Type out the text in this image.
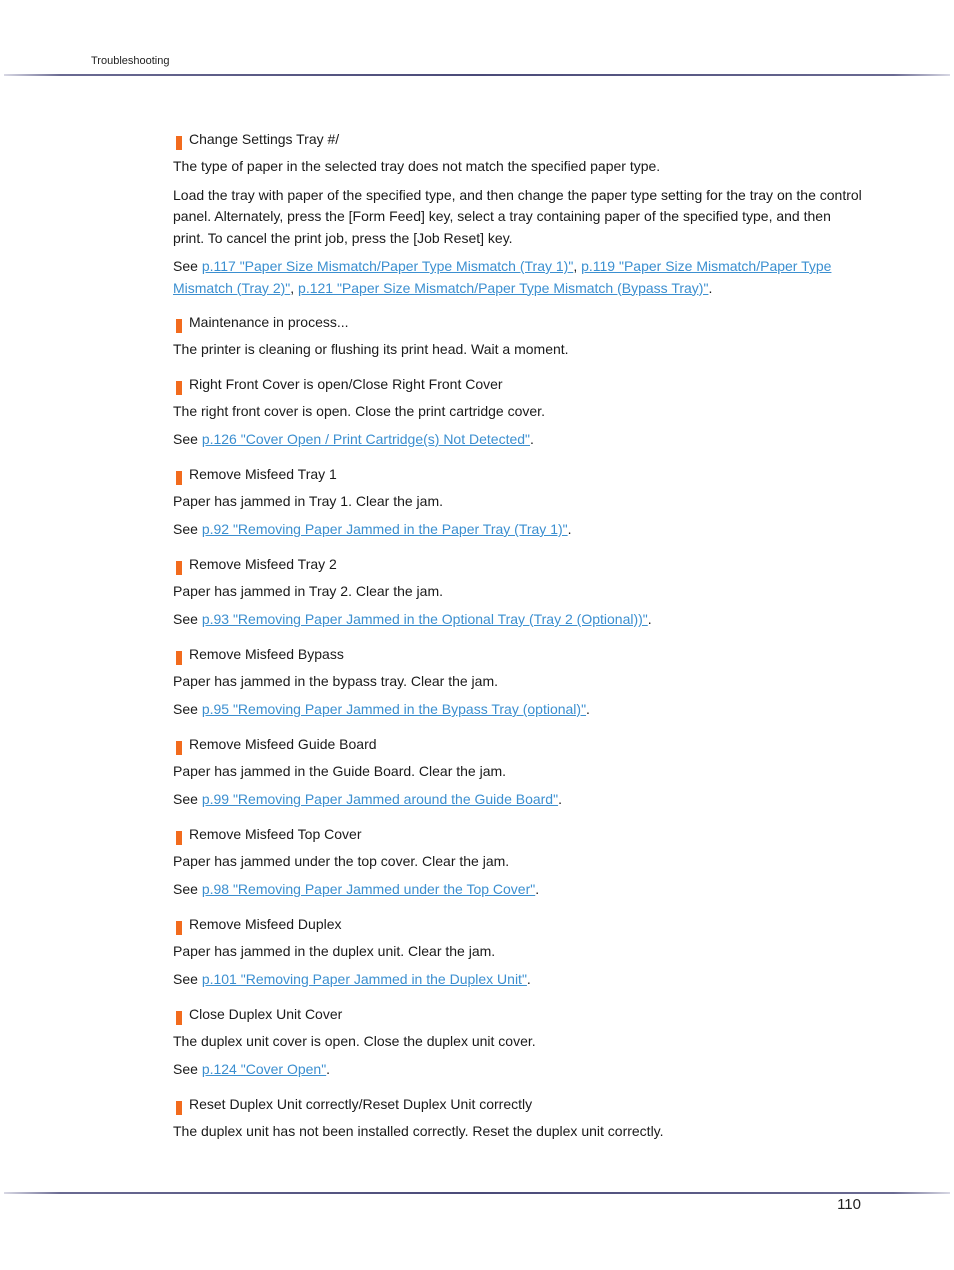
Troubleshooting
Change Settings Tray #/

The type of paper in the selected tray does not match the specified paper type.

Load the tray with paper of the specified type, and then change the paper type setting for the tray on the control panel. Alternately, press the [Form Feed] key, select a tray containing paper of the specified type, and then print. To cancel the print job, press the [Job Reset] key.

See p.117 "Paper Size Mismatch/Paper Type Mismatch (Tray 1)", p.119 "Paper Size Mismatch/Paper Type Mismatch (Tray 2)", p.121 "Paper Size Mismatch/Paper Type Mismatch (Bypass Tray)".

Maintenance in process...

The printer is cleaning or flushing its print head. Wait a moment.

Right Front Cover is open/Close Right Front Cover

The right front cover is open. Close the print cartridge cover.

See p.126 "Cover Open / Print Cartridge(s) Not Detected".

Remove Misfeed Tray 1

Paper has jammed in Tray 1. Clear the jam.

See p.92 "Removing Paper Jammed in the Paper Tray (Tray 1)".

Remove Misfeed Tray 2

Paper has jammed in Tray 2. Clear the jam.

See p.93 "Removing Paper Jammed in the Optional Tray (Tray 2 (Optional))".

Remove Misfeed Bypass

Paper has jammed in the bypass tray. Clear the jam.

See p.95 "Removing Paper Jammed in the Bypass Tray (optional)".

Remove Misfeed Guide Board

Paper has jammed in the Guide Board. Clear the jam.

See p.99 "Removing Paper Jammed around the Guide Board".

Remove Misfeed Top Cover

Paper has jammed under the top cover. Clear the jam.

See p.98 "Removing Paper Jammed under the Top Cover".

Remove Misfeed Duplex

Paper has jammed in the duplex unit. Clear the jam.

See p.101 "Removing Paper Jammed in the Duplex Unit".

Close Duplex Unit Cover

The duplex unit cover is open. Close the duplex unit cover.

See p.124 "Cover Open".

Reset Duplex Unit correctly/Reset Duplex Unit correctly

The duplex unit has not been installed correctly. Reset the duplex unit correctly.

110
